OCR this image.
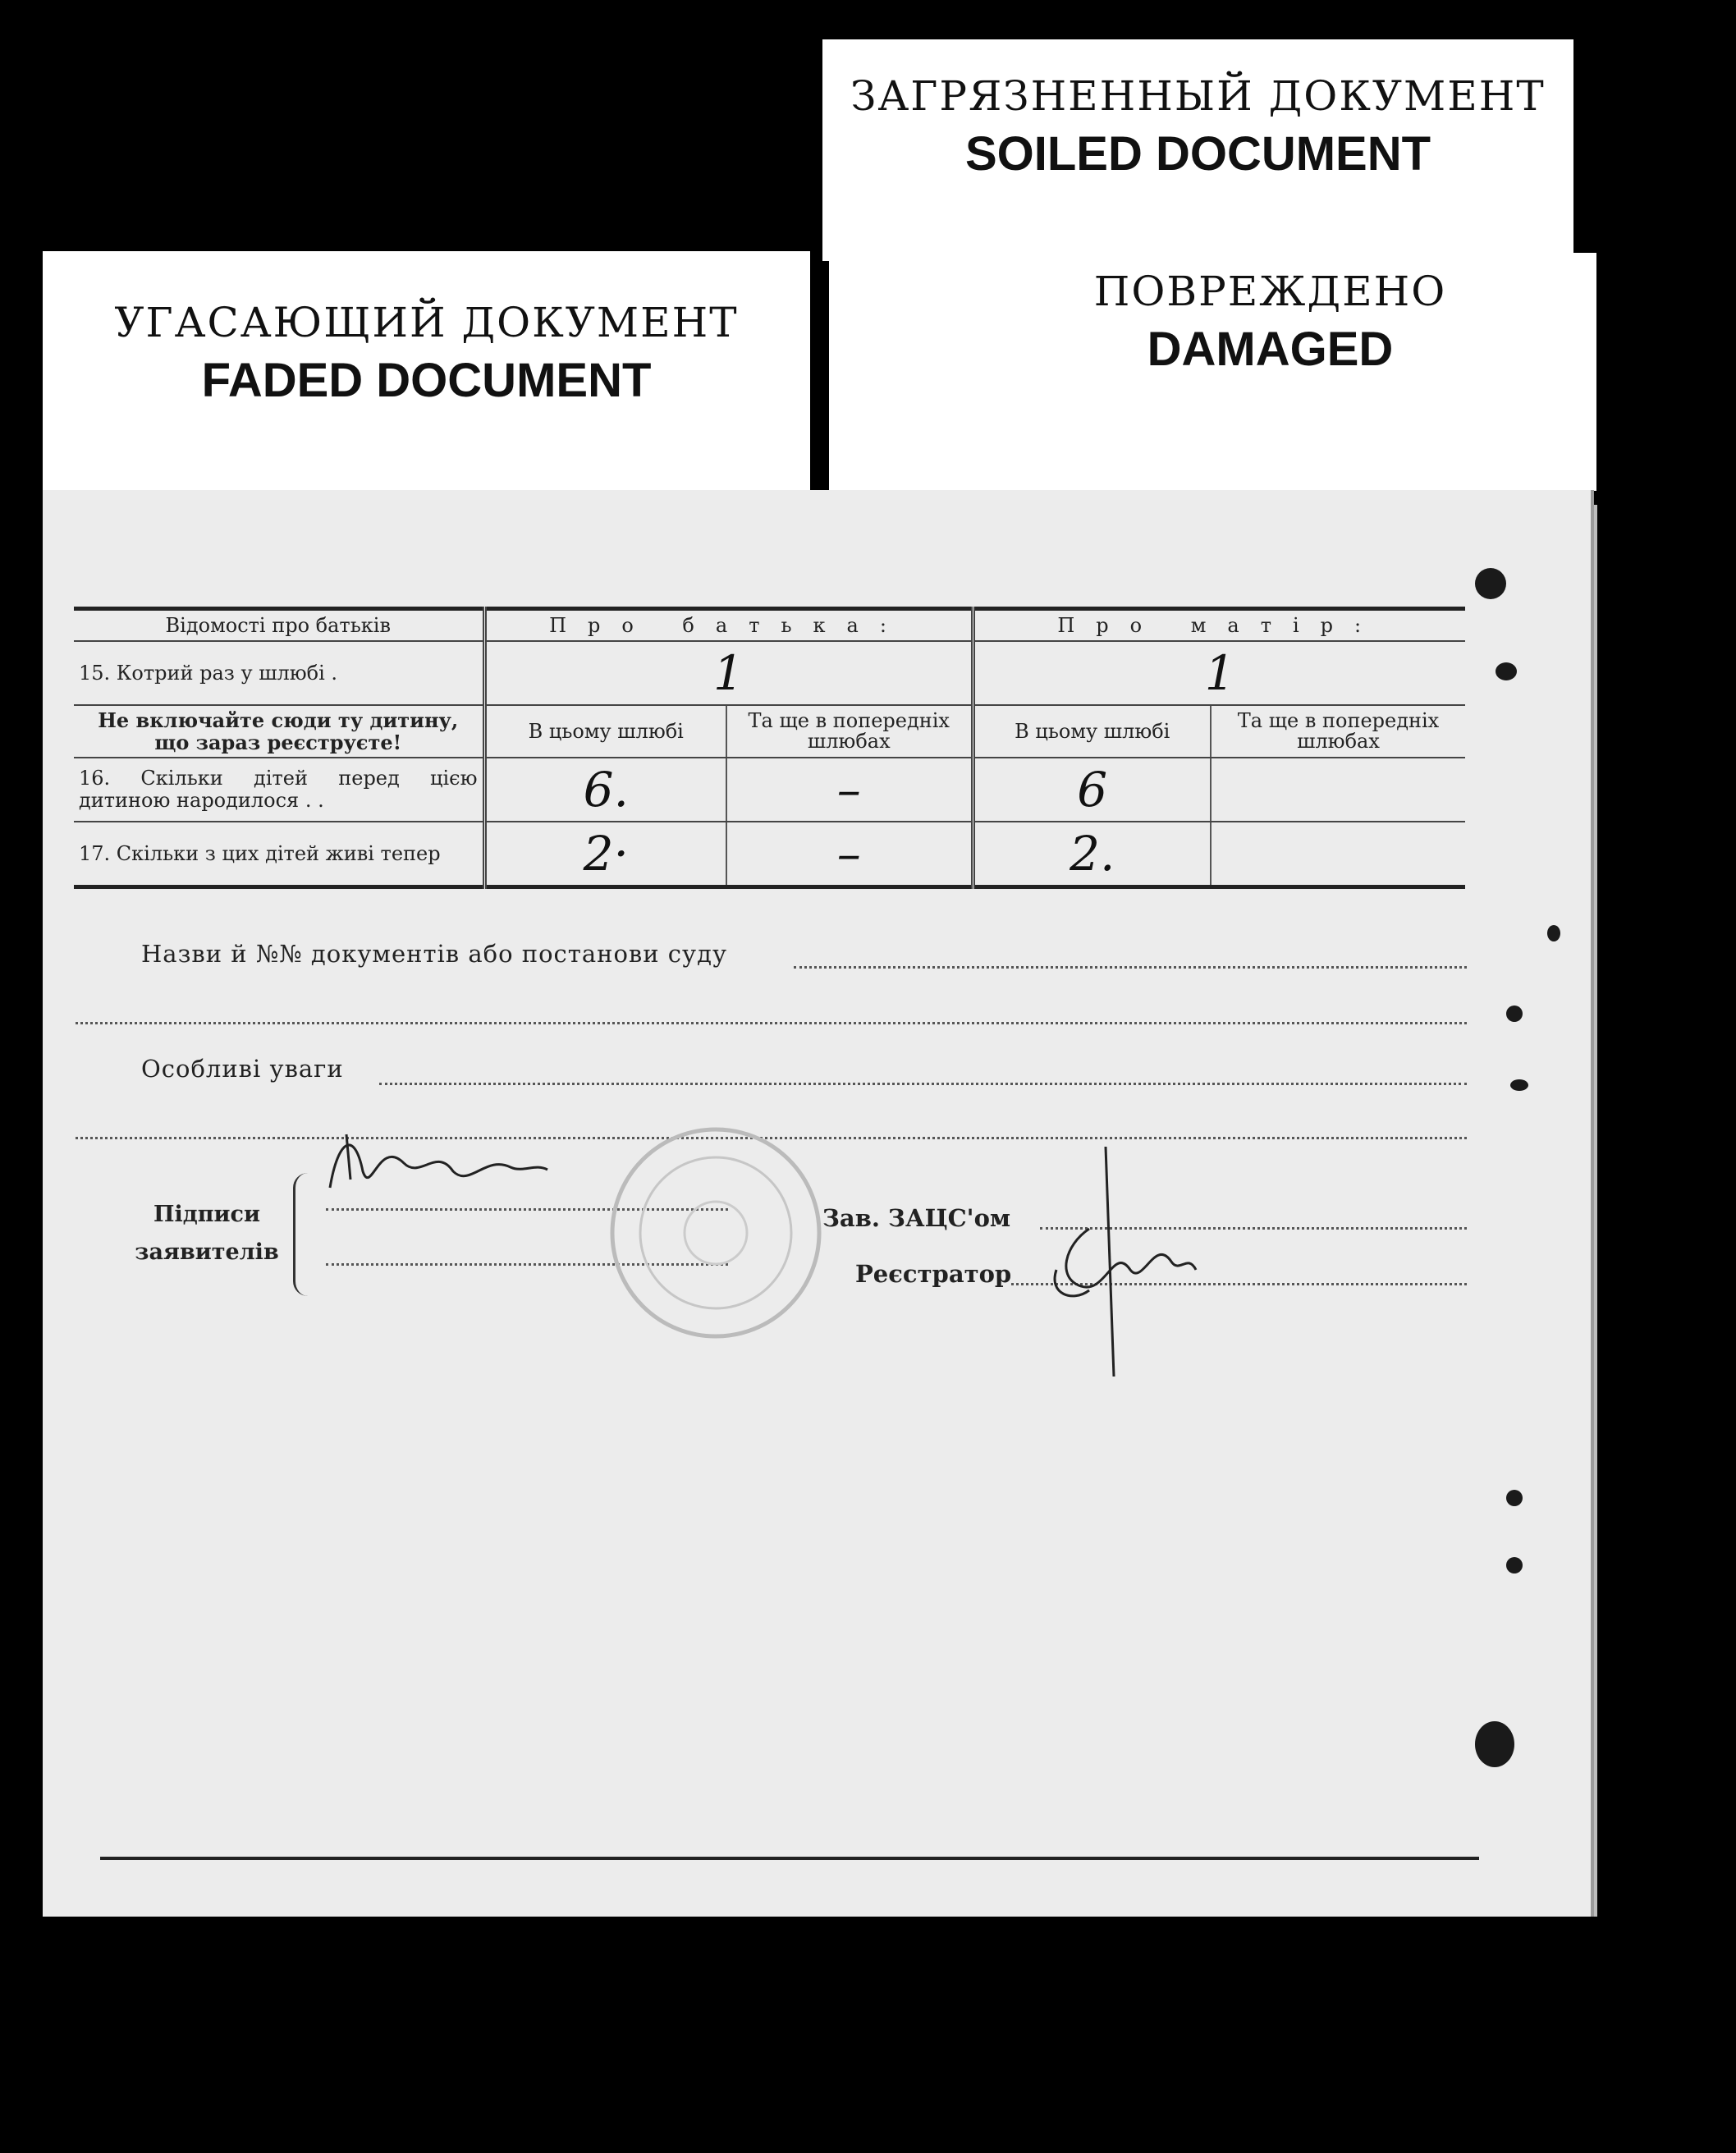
ЗАГРЯЗНЕННЫЙ ДОКУМЕНТ
SOILED DOCUMENT
УГАСАЮЩИЙ ДОКУМЕНТ
FADED DOCUMENT
ПОВРЕЖДЕНО
DAMAGED
Відомості про батьків	Про батька:		Про матір:	
15. Котрий раз у шлюбі .	1		1	
Не включайте сюди ту дитину, що зараз реєструєте!	В цьому шлюбі	Та ще в попередніх шлюбах	В цьому шлюбі	Та ще в попередніх шлюбах
16. Скільки дітей перед цією дитиною народилося . .	6.	–	6	
17. Скільки з цих дітей живі тепер	2·	–	2.	
Назви й №№ документів або постанови суду
Особливі уваги
Підписи заявителів
Зав. ЗАЦС'ом
Реєстратор
